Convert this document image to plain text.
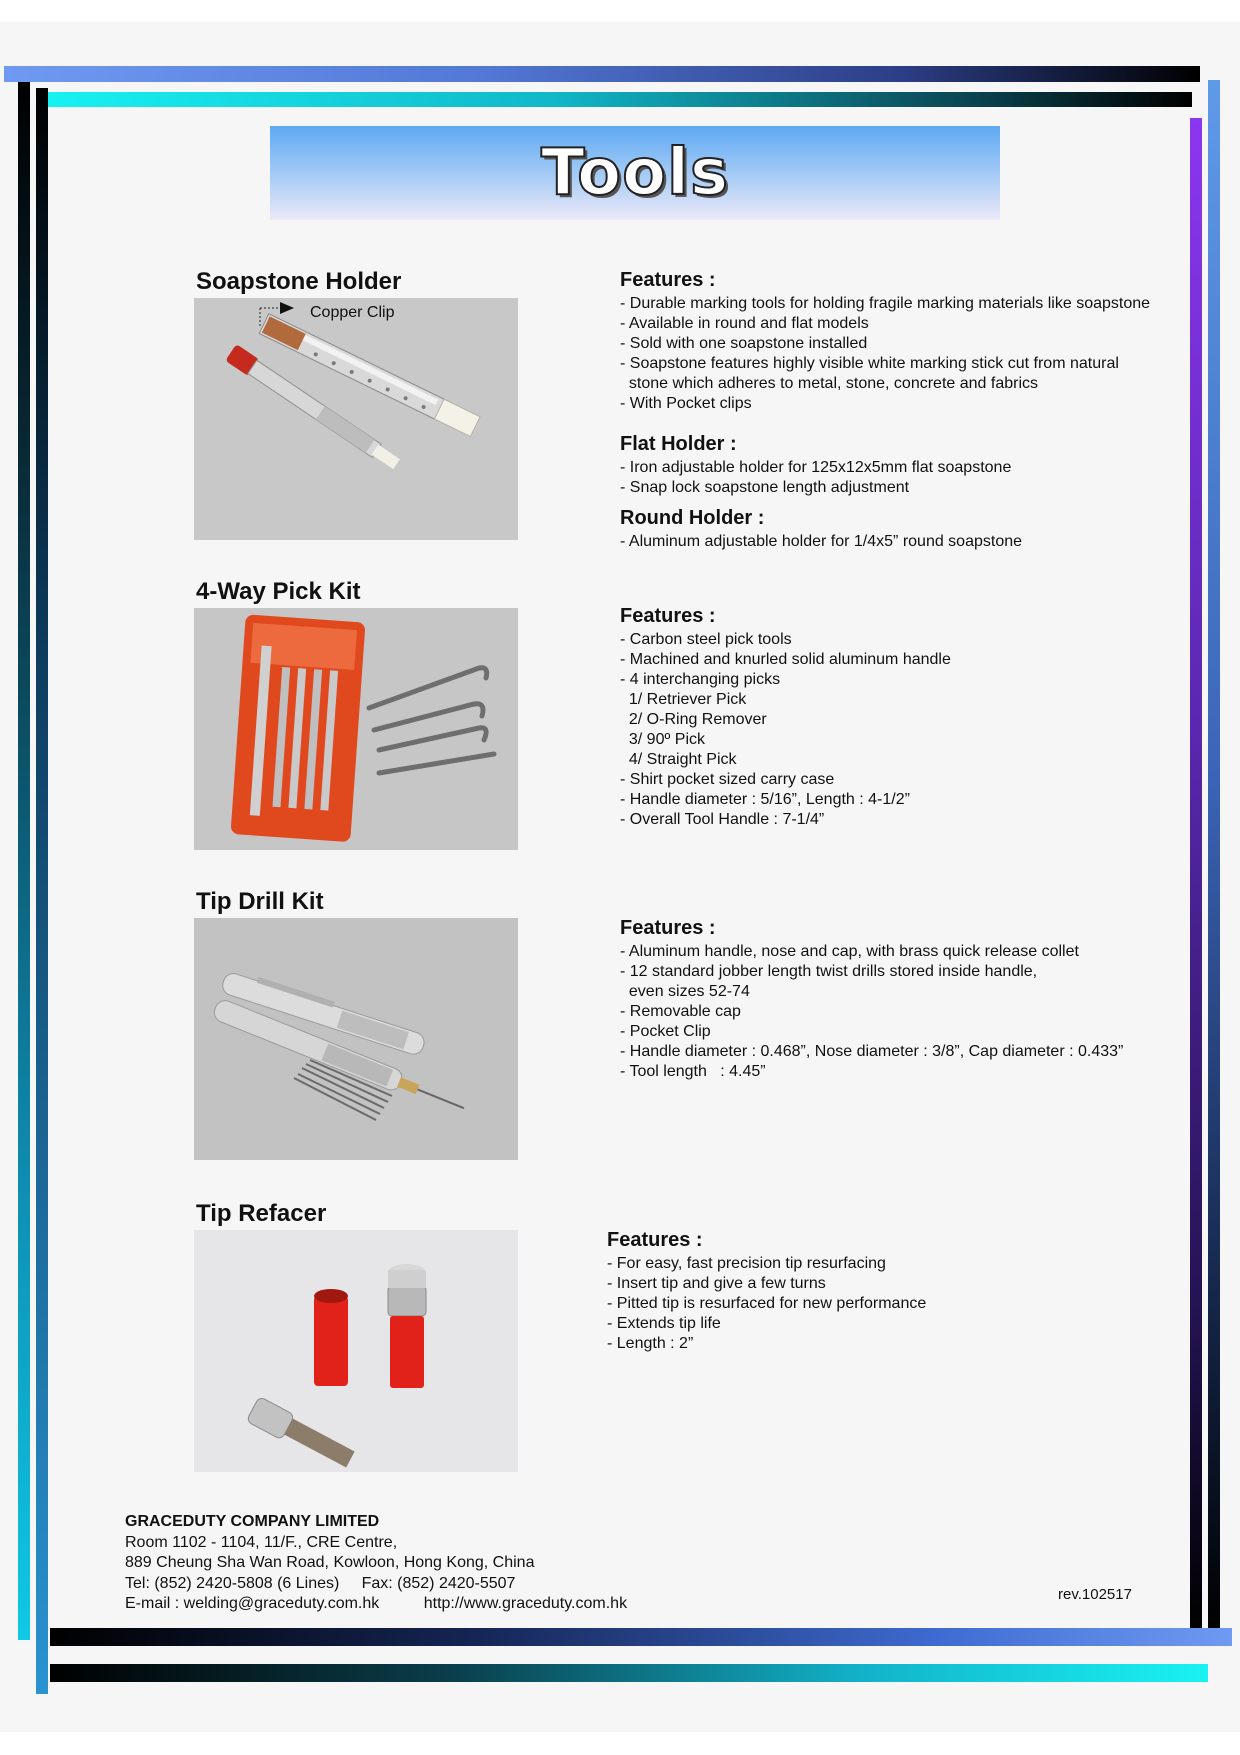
Tools
Soapstone Holder
Copper Clip
Features :
- Durable marking tools for holding fragile marking materials like soapstone
- Available in round and flat models
- Sold with one soapstone installed
- Soapstone features highly visible white marking stick cut from natural
stone which adheres to metal, stone, concrete and fabrics
- With Pocket clips
Flat Holder :
- Iron adjustable holder for 125x12x5mm flat soapstone
- Snap lock soapstone length adjustment
Round Holder :
- Aluminum adjustable holder for 1/4x5” round soapstone
4-Way Pick Kit
Features :
- Carbon steel pick tools
- Machined and knurled solid aluminum handle
- 4 interchanging picks
1/ Retriever Pick
2/ O-Ring Remover
3/ 90º Pick
4/ Straight Pick
- Shirt pocket sized carry case
- Handle diameter : 5/16”, Length : 4-1/2”
- Overall Tool Handle : 7-1/4”
Tip Drill Kit
Features :
- Aluminum handle, nose and cap, with brass quick release collet
- 12 standard jobber length twist drills stored inside handle,
even sizes 52-74
- Removable cap
- Pocket Clip
- Handle diameter : 0.468”, Nose diameter : 3/8”, Cap diameter : 0.433”
- Tool length   : 4.45”
Tip Refacer
Features :
- For easy, fast precision tip resurfacing
- Insert tip and give a few turns
- Pitted tip is resurfaced for new performance
- Extends tip life
- Length : 2”
GRACEDUTY COMPANY LIMITED
Room 1102 - 1104, 11/F., CRE Centre,
889 Cheung Sha Wan Road, Kowloon, Hong Kong, China
Tel: (852) 2420-5808 (6 Lines)     Fax: (852) 2420-5507
E-mail : welding@graceduty.com.hk          http://www.graceduty.com.hk
rev.102517
